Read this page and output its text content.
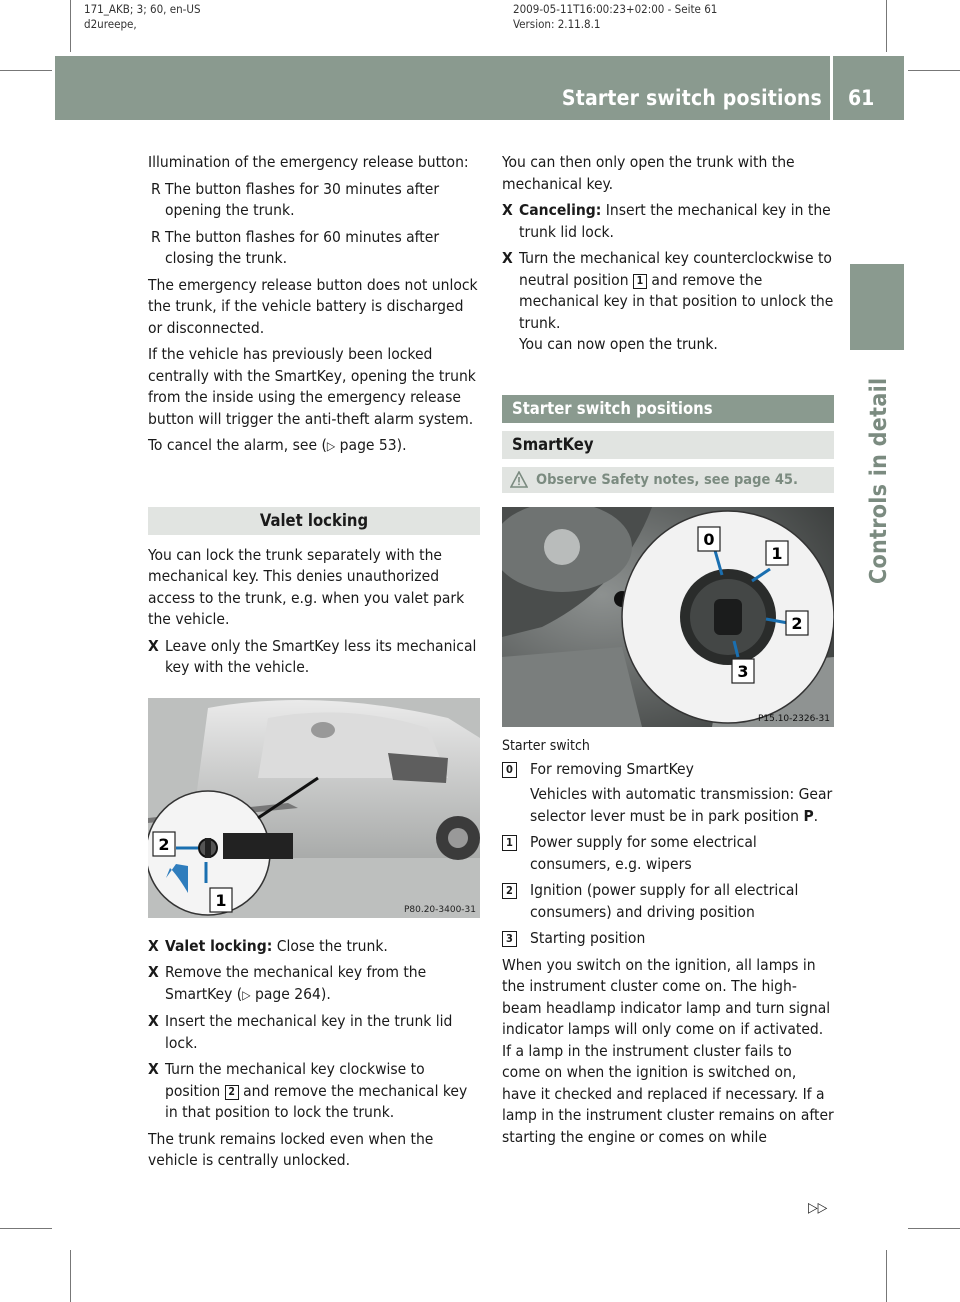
171_AKB; 3; 60, en-US
d2ureepe,
2009-05-11T16:00:23+02:00 - Seite 61
Version: 2.11.8.1
Starter switch positions 61
Controls in detail

Illumination of the emergency release button:

R The button flashes for 30 minutes after opening the trunk.
R The button flashes for 60 minutes after closing the trunk.

The emergency release button does not unlock the trunk, if the vehicle battery is discharged or disconnected.

If the vehicle has previously been locked centrally with the SmartKey, opening the trunk from the inside using the emergency release button will trigger the anti-theft alarm system.

To cancel the alarm, see (▷ page 53).

Valet locking

You can lock the trunk separately with the mechanical key. This denies unauthorized access to the trunk, e.g. when you valet park the vehicle.

X Leave only the SmartKey less its mechanical key with the vehicle.
2
1	P80.20-3400-31
X Valet locking: Close the trunk.
X Remove the mechanical key from the SmartKey (▷ page 264).
X Insert the mechanical key in the trunk lid lock.
X Turn the mechanical key clockwise to position 2 and remove the mechanical key in that position to lock the trunk.

The trunk remains locked even when the vehicle is centrally unlocked.

You can then only open the trunk with the mechanical key.

X Canceling: Insert the mechanical key in the trunk lid lock.
X Turn the mechanical key counterclockwise to neutral position 1 and remove the mechanical key in that position to unlock the trunk.
You can now open the trunk.
Starter switch positions
SmartKey
Observe Safety notes, see page 45.
0
1
2
3
P15.10-2326-31
Starter switch
0 For removing SmartKey
Vehicles with automatic transmission: Gear selector lever must be in park position P.
1 Power supply for some electrical consumers, e.g. wipers
2 Ignition (power supply for all electrical consumers) and driving position
3 Starting position

When you switch on the ignition, all lamps in the instrument cluster come on. The high-beam headlamp indicator lamp and turn signal indicator lamps will only come on if activated. If a lamp in the instrument cluster fails to come on when the ignition is switched on, have it checked and replaced if necessary. If a lamp in the instrument cluster remains on after starting the engine or comes on while

▷▷
